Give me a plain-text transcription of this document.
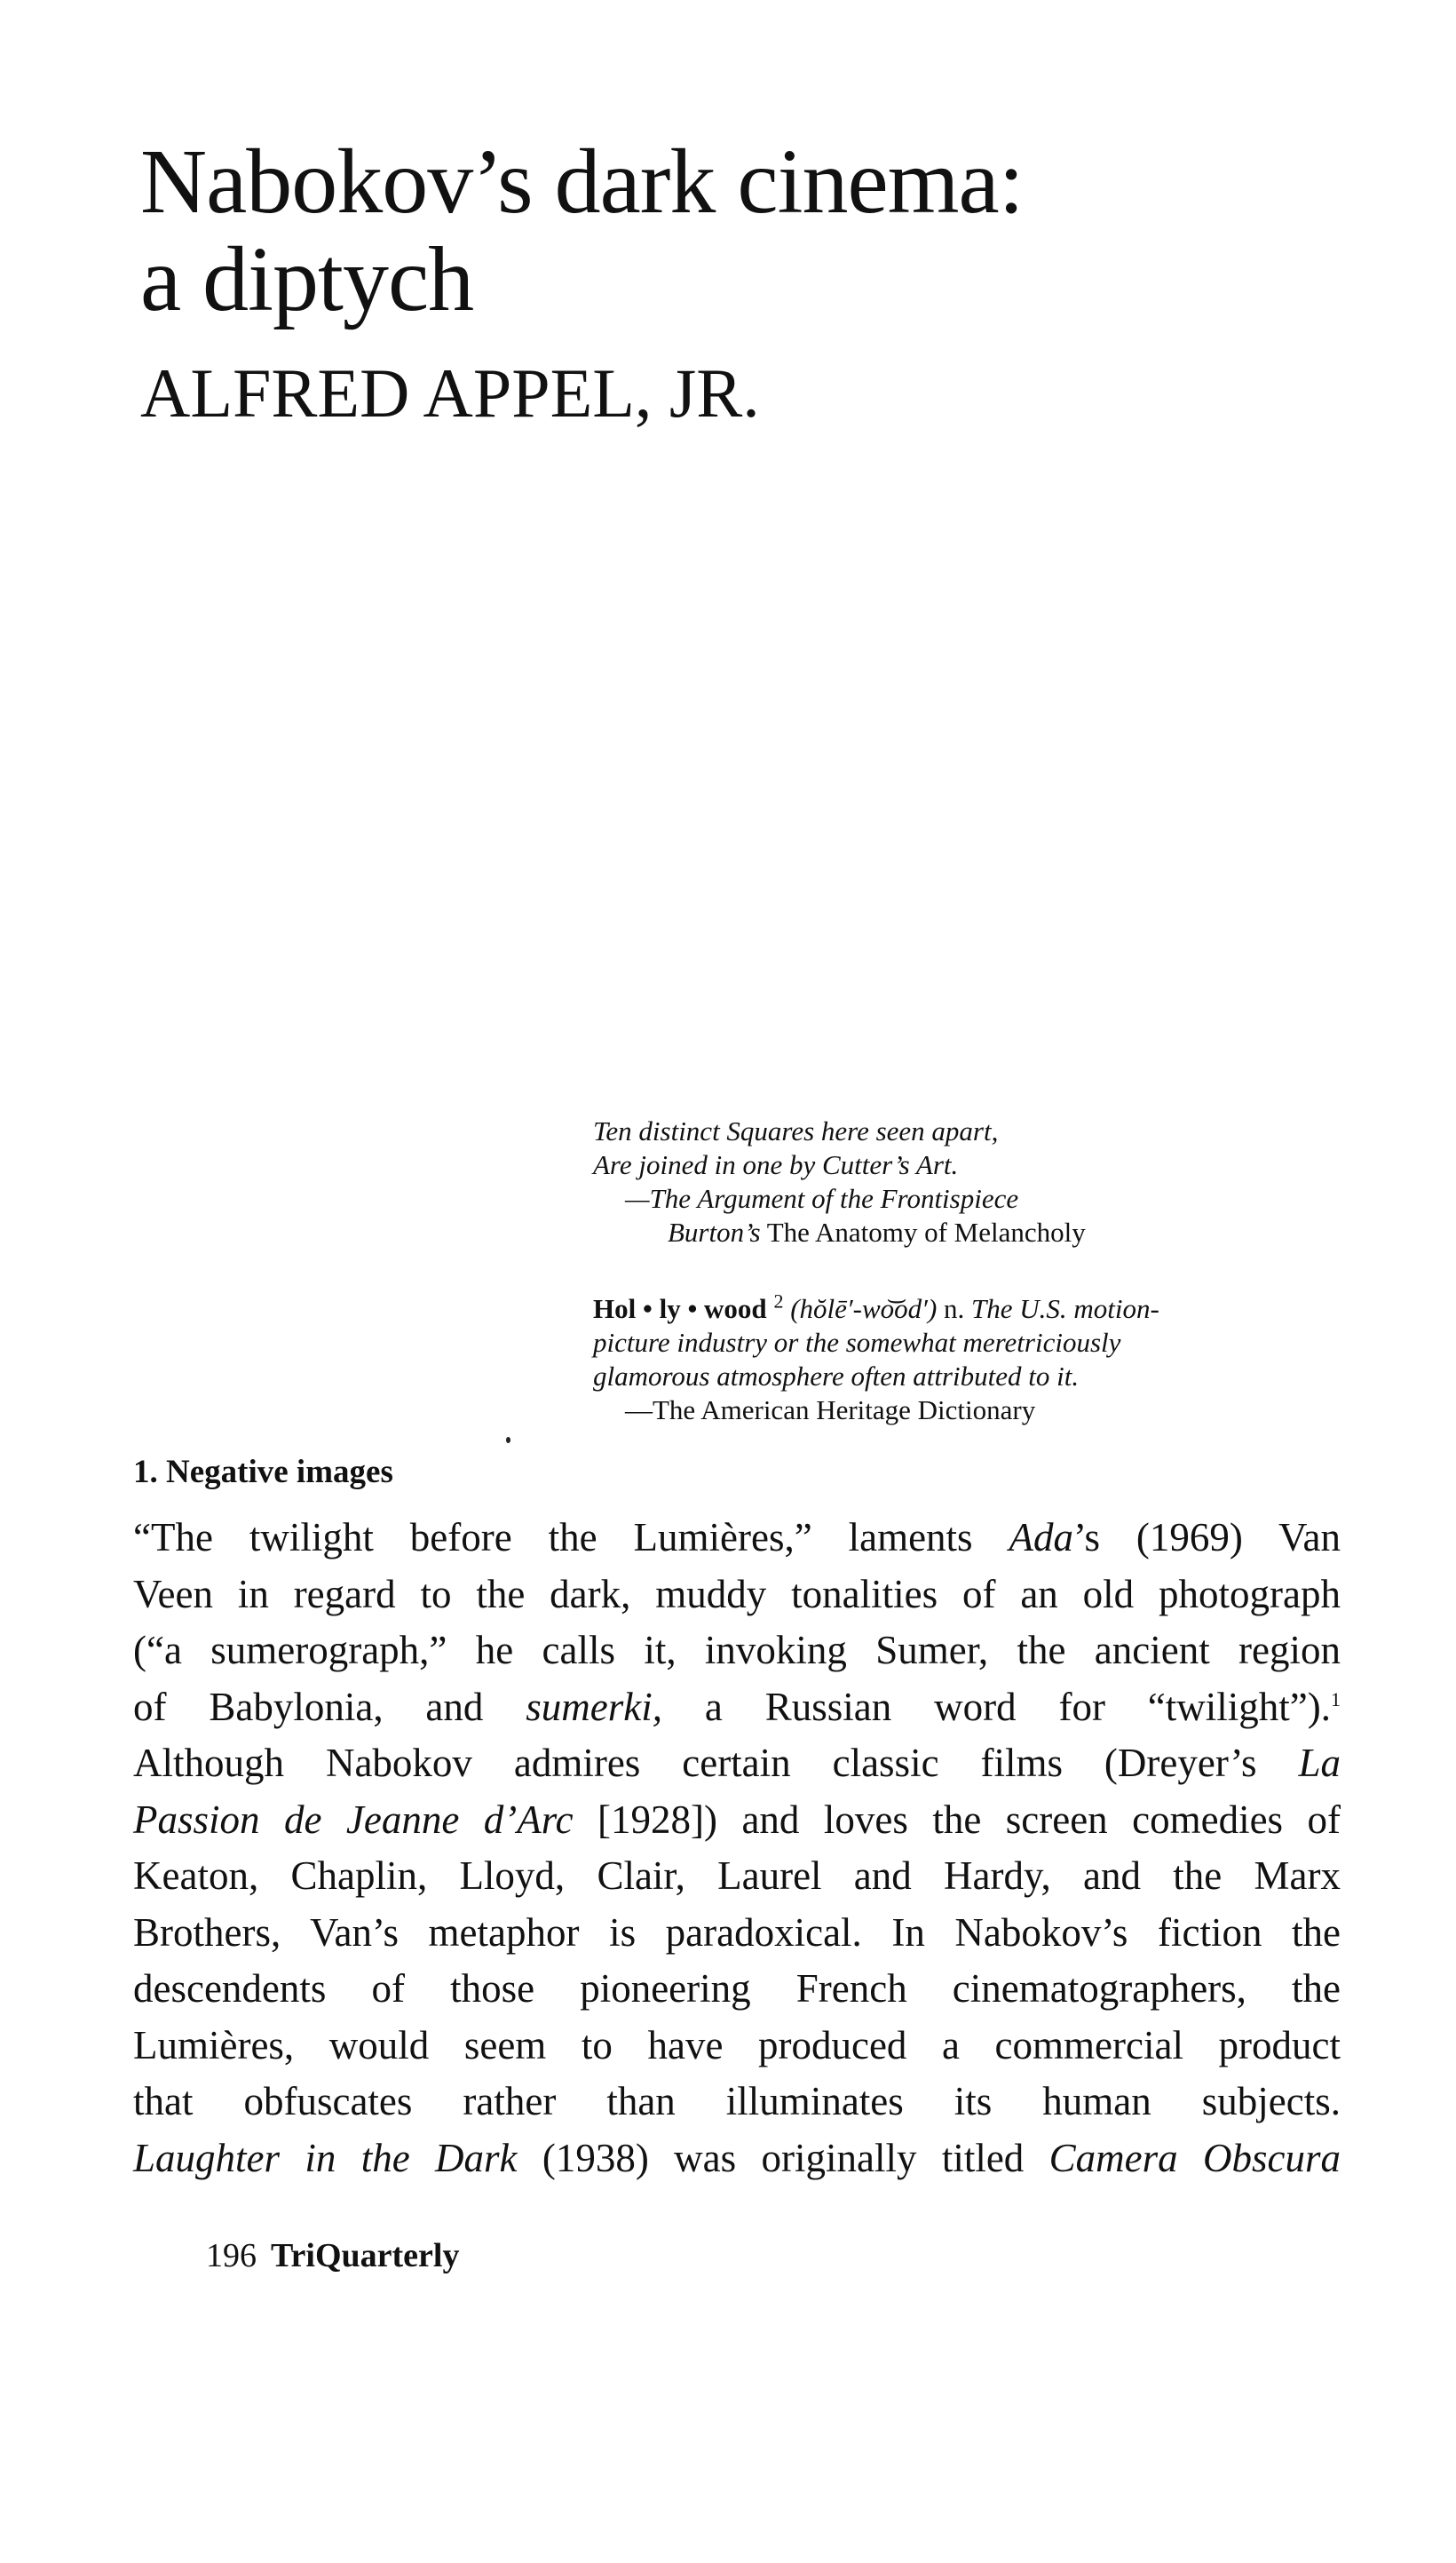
Nabokov’s dark cinema:
a diptych
ALFRED APPEL, JR.
Ten distinct Squares here seen apart,
Are joined in one by Cutter’s Art.
—The Argument of the Frontispiece
Burton’s The Anatomy of Melancholy
Hol • ly • wood $^2$ (hŏlē′-wo͝od′) n. The U.S. motion-
picture industry or the somewhat meretriciously
glamorous atmosphere often attributed to it.
—The American Heritage Dictionary
1. Negative images
“The twilight before the Lumières,” laments Ada’s (1969) Van
Veen in regard to the dark, muddy tonalities of an old photograph
(“a sumerograph,” he calls it, invoking Sumer, the ancient region
of Babylonia, and sumerki, a Russian word for “twilight”).$^1$
Although Nabokov admires certain classic films (Dreyer’s La
Passion de Jeanne d’Arc [1928]) and loves the screen comedies of
Keaton, Chaplin, Lloyd, Clair, Laurel and Hardy, and the Marx
Brothers, Van’s metaphor is paradoxical. In Nabokov’s fiction the
descendents of those pioneering French cinematographers, the
Lumières, would seem to have produced a commercial product
that obfuscates rather than illuminates its human subjects.
Laughter in the Dark (1938) was originally titled Camera Obscura
196 TriQuarterly
